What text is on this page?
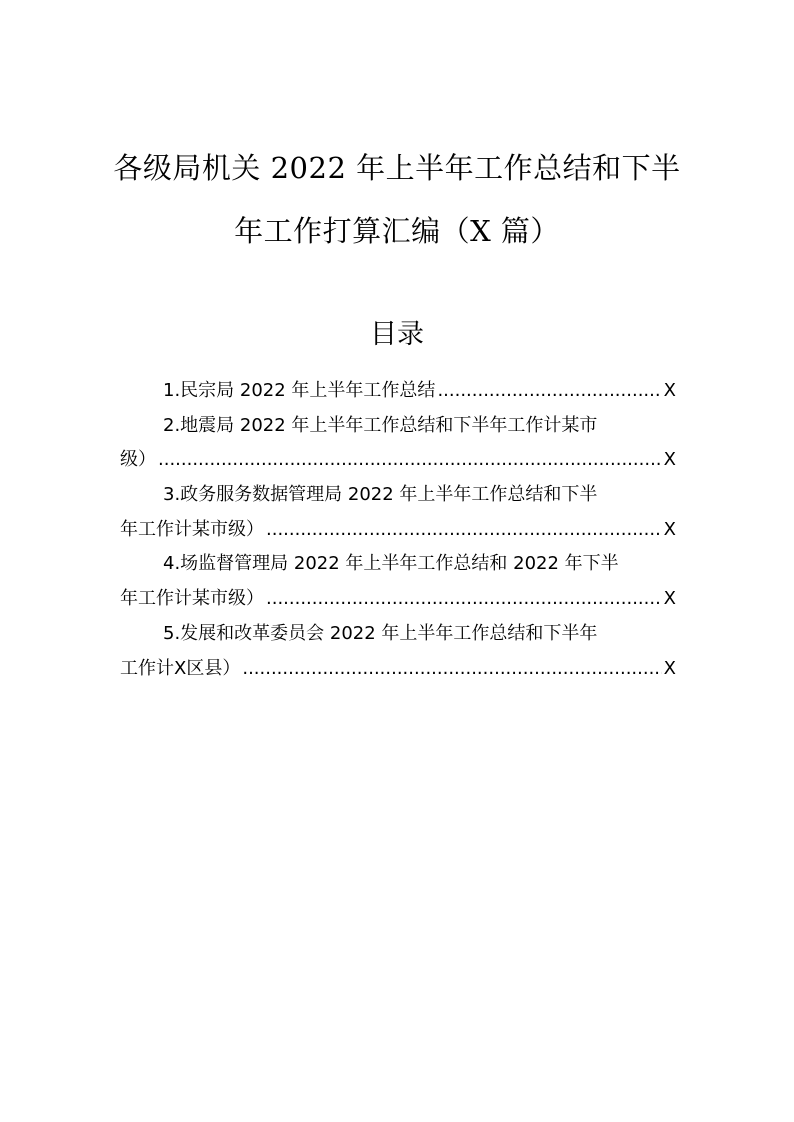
各级局机关 2022 年上半年工作总结和下半
年工作打算汇编（X 篇）
目录
1.民宗局 2022 年上半年工作总结 .....	X
2.地震局 2022 年上半年工作总结和下半年工作计某市
级） .....	X
3.政务服务数据管理局 2022 年上半年工作总结和下半
年工作计某市级） .....	X
4.场监督管理局 2022 年上半年工作总结和 2022 年下半
年工作计某市级） .....	X
5.发展和改革委员会 2022 年上半年工作总结和下半年
工作计X区县） .....	X
